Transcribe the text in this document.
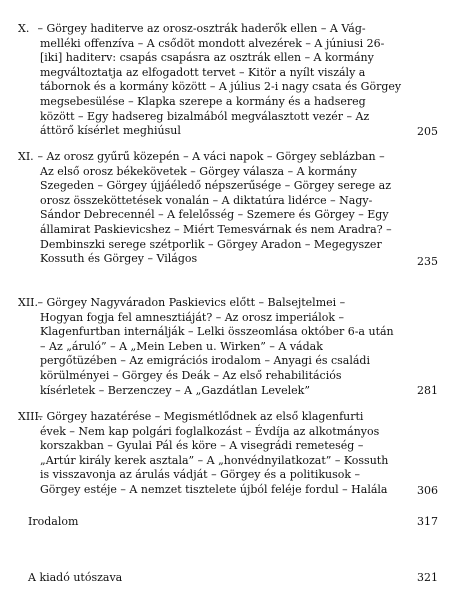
X. – Görgey haditerve az orosz-osztrák haderők ellen – A Vág-
melléki offenzíva – A csődöt mondott alvezérek – A júniusi 26-
[iki] haditerv: csapás csapásra az osztrák ellen – A kormány
megváltoztatja az elfogadott tervet – Kitör a nyílt viszály a
tábornok és a kormány között – A július 2-i nagy csata és Görgey
megsebesülése – Klapka szerepe a kormány és a hadsereg
között – Egy hadsereg bizalmából megválasztott vezér – Az
áttörő kísérlet meghiúsul	205

XI. – Az orosz gyűrű közepén – A váci napok – Görgey seblázban –
Az első orosz békekövetek – Görgey válasza – A kormány
Szegeden – Görgey újjáéledő népszerűsége – Görgey serege az
orosz összeköttetések vonalán – A diktatúra lidérce – Nagy-
Sándor Debrecennél – A felelősség – Szemere és Görgey – Egy
államirat Paskievicshez – Miért Temesvárnak és nem Aradra? –
Dembinszki serege szétporlik – Görgey Aradon – Megegyszer
Kossuth és Görgey – Világos	235

XII. – Görgey Nagyváradon Paskievics előtt – Balsejtelmei –
Hogyan fogja fel amnesztiáját? – Az orosz imperiálok –
Klagenfurtban internálják – Lelki összeomlása október 6-a után
– Az „áruló” – A „Mein Leben u. Wirken” – A vádak
pergőtüzében – Az emigrációs irodalom – Anyagi és családi
körülményei – Görgey és Deák – Az első rehabilitációs
kísérletek – Berzenczey – A „Gazdátlan Levelek”	281

XIII. – Görgey hazatérése – Megismétlődnek az első klagenfurti
évek – Nem kap polgári foglalkozást – Évdíja az alkotmányos
korszakban – Gyulai Pál és köre – A visegrádi remeteség –
„Artúr király kerek asztala” – A „honvédnyilatkozat” – Kossuth
is visszavonja az árulás vádját – Görgey és a politikusok –
Görgey estéje – A nemzet tisztelete újból feléje fordul – Halála	306
Irodalom	317
A kiadó utószava	321
